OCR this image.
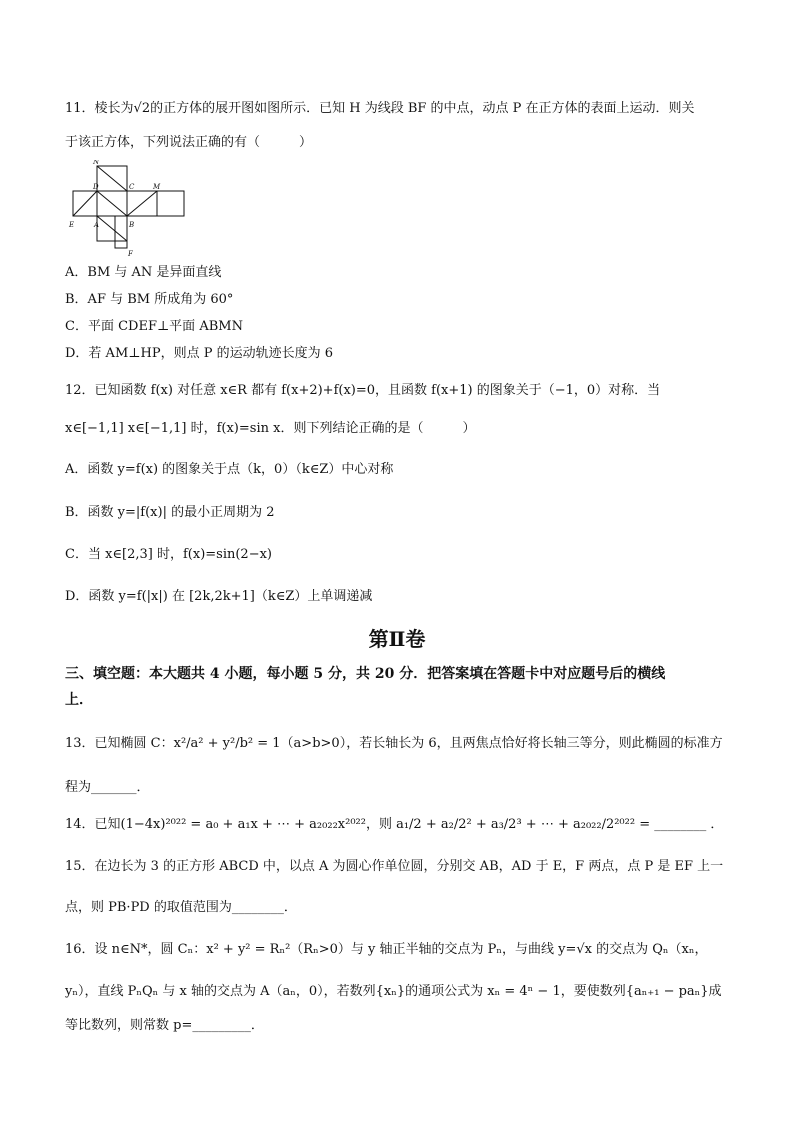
11．棱长为√2的正方体的展开图如图所示．已知 H 为线段 BF 的中点，动点 P 在正方体的表面上运动．则关
于该正方体，下列说法正确的有（　　　）
N
D	C	M
E	A	B
F
A．BM 与 AN 是异面直线
B．AF 与 BM 所成角为 60°
C．平面 CDEF⊥平面 ABMN
D．若 AM⊥HP，则点 P 的运动轨迹长度为 6
12．已知函数 f(x) 对任意 x∈R 都有 f(x+2)+f(x)=0，且函数 f(x+1) 的图象关于（−1，0）对称．当
x∈[−1,1] x∈[−1,1] 时，f(x)=sin x．则下列结论正确的是（　　　）
A．函数 y=f(x) 的图象关于点（k，0）（k∈Z）中心对称
B．函数 y=|f(x)| 的最小正周期为 2
C．当 x∈[2,3] 时，f(x)=sin(2−x)
D．函数 y=f(|x|) 在 [2k,2k+1]（k∈Z）上单调递减
第Ⅱ卷
三、填空题：本大题共 4 小题，每小题 5 分，共 20 分．把答案填在答题卡中对应题号后的横线
上．
13．已知椭圆 C：x²/a² + y²/b² = 1（a>b>0），若长轴长为 6，且两焦点恰好将长轴三等分，则此椭圆的标准方
程为_______．
14．已知(1−4x)²⁰²² = a₀ + a₁x + ⋯ + a₂₀₂₂x²⁰²²，则 a₁/2 + a₂/2² + a₃/2³ + ⋯ + a₂₀₂₂/2²⁰²² = ________ ．
15．在边长为 3 的正方形 ABCD 中，以点 A 为圆心作单位圆，分别交 AB，AD 于 E，F 两点，点 P 是 EF 上一
点，则 PB·PD 的取值范围为________．
16．设 n∈N*，圆 Cₙ：x² + y² = Rₙ²（Rₙ>0）与 y 轴正半轴的交点为 Pₙ，与曲线 y=√x 的交点为 Qₙ（xₙ，
yₙ），直线 PₙQₙ 与 x 轴的交点为 A（aₙ，0），若数列{xₙ}的通项公式为 xₙ = 4ⁿ − 1，要使数列{aₙ₊₁ − paₙ}成
等比数列，则常数 p=_________．
